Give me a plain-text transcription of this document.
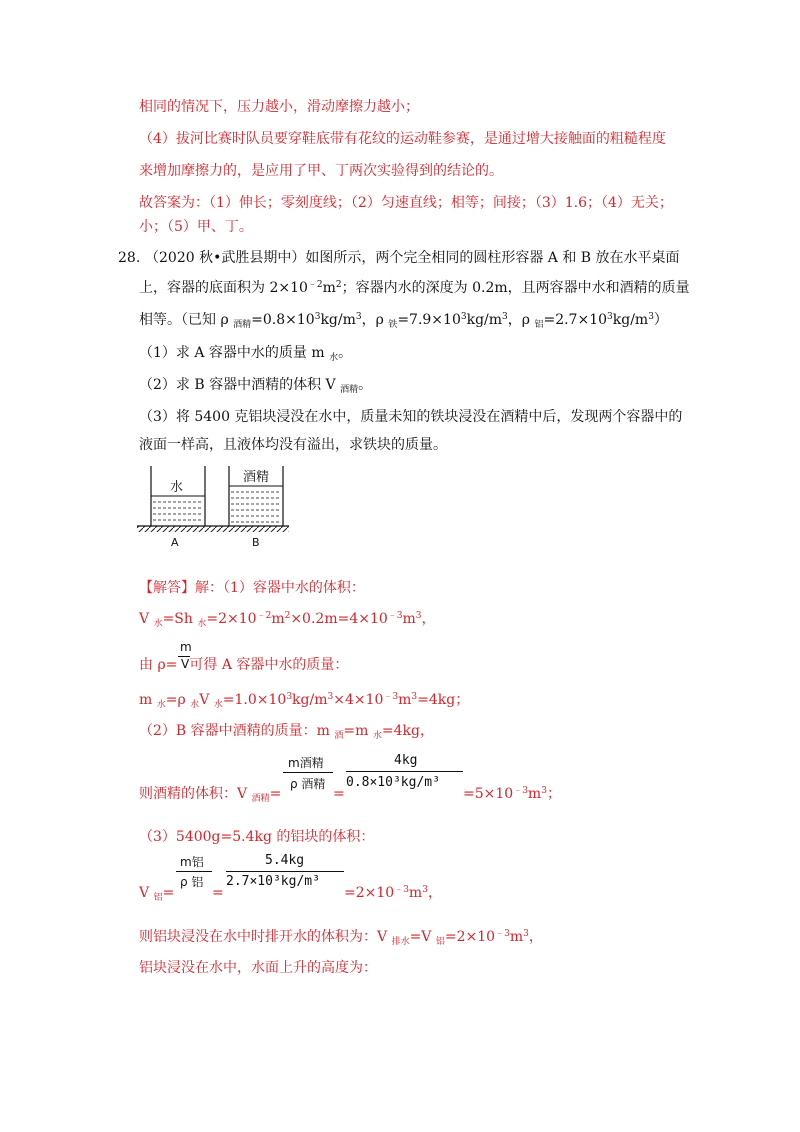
相同的情况下，压力越小，滑动摩擦力越小；
（4）拔河比赛时队员要穿鞋底带有花纹的运动鞋参赛，是通过增大接触面的粗糙程度
来增加摩擦力的，是应用了甲、丁两次实验得到的结论的。
故答案为：（1）伸长；零刻度线；（2）匀速直线；相等；间接；（3）1.6；（4）无关；
小；（5）甲、丁。
28. （2020 秋•武胜县期中）如图所示，两个完全相同的圆柱形容器 A 和 B 放在水平桌面
上，容器的底面积为 $2\times 10^{﹣2}m^2$；容器内水的深度为 0.2m，且两容器中水和酒精的质量
相等。（已知 ρ $_{酒精}=0.8\times 10^3kg/m^3$，ρ $_铁=7.9\times 10^3kg/m^3$，ρ $_铝=2.7\times 10^3kg/m^3$）
（1）求 A 容器中水的质量 m $_水$。
（2）求 B 容器中酒精的体积 V $_{酒精}$。
（3）将 5400 克铝块浸没在水中，质量未知的铁块浸没在酒精中后，发现两个容器中的
液面一样高，且液体均没有溢出，求铁块的质量。
水
酒精
A	B
【解答】解：（1）容器中水的体积：
V $_水$=Sh $_水=2\times 10^{﹣2}m^2\times 0.2m=4\times 10^{﹣3}m^3$，
由 ρ= 可得 A 容器中水的质量：
m
V
m $_水$=ρ $_水$V $_水=1.0\times 10^3kg/m^3\times 4\times 10^{﹣3}m^3=4kg$；
（2）B 容器中酒精的质量：m $_酒$=m $_水$=4kg，
则酒精的体积：V $_{酒精}$=
m酒精
ρ 酒精
=
4kg
0.8×10³kg/m³
$=5\times 10^{﹣3}m^3$；
（3）5400g=5.4kg 的铝块的体积：
V $_铝$=
m铝
ρ 铝
=
5.4kg
2.7×10³kg/m³
$=2\times 10^{﹣3}m^3$，
则铝块浸没在水中时排开水的体积为：V $_{排水}$=V $_铝=2\times 10^{﹣3}m^3$，
铝块浸没在水中，水面上升的高度为：
